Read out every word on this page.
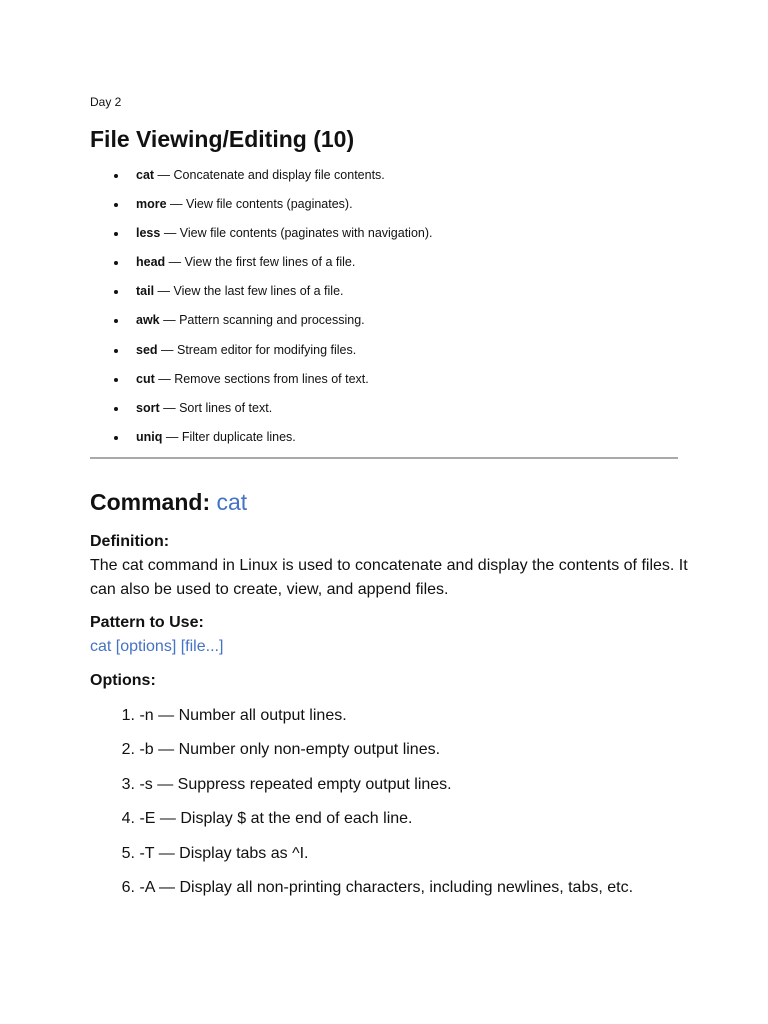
Day 2
File Viewing/Editing (10)
cat — Concatenate and display file contents.
more — View file contents (paginates).
less — View file contents (paginates with navigation).
head — View the first few lines of a file.
tail — View the last few lines of a file.
awk — Pattern scanning and processing.
sed — Stream editor for modifying files.
cut — Remove sections from lines of text.
sort — Sort lines of text.
uniq — Filter duplicate lines.
Command: cat
Definition:
The cat command in Linux is used to concatenate and display the contents of files. It can also be used to create, view, and append files.
Pattern to Use:
cat [options] [file...]
Options:
1. -n — Number all output lines.
2. -b — Number only non-empty output lines.
3. -s — Suppress repeated empty output lines.
4. -E — Display $ at the end of each line.
5. -T — Display tabs as ^I.
6. -A — Display all non-printing characters, including newlines, tabs, etc.
